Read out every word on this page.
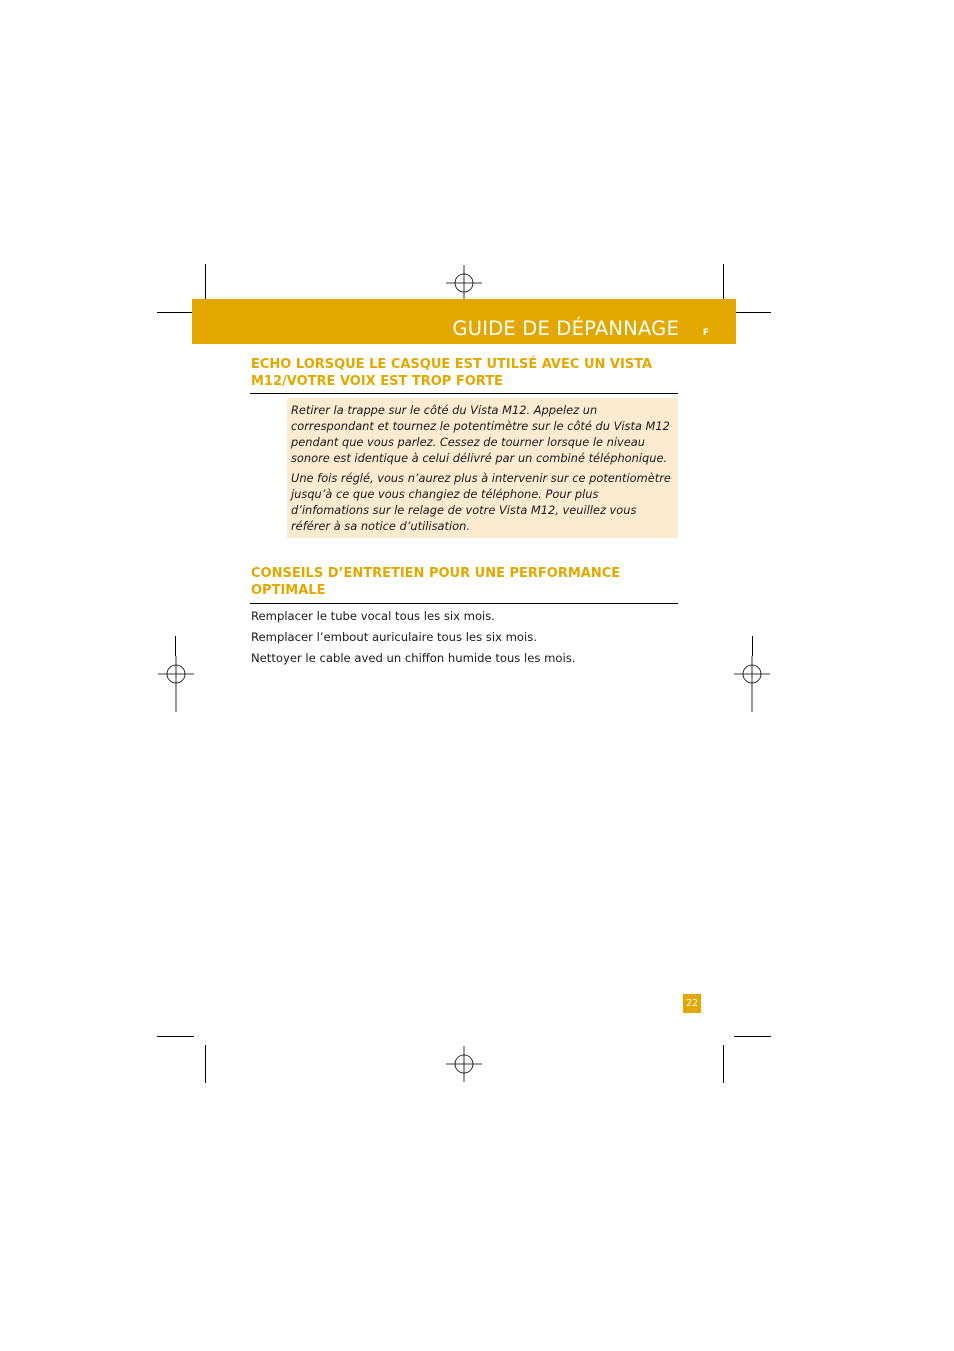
GUIDE DE DÉPANNAGE	F
ECHO LORSQUE LE CASQUE EST UTILSÉ AVEC UN VISTA
M12/VOTRE VOIX EST TROP FORTE
Retirer la trappe sur le côté du Vista M12. Appelez un
correspondant et tournez le potentimètre sur le côté du Vista M12
pendant que vous parlez. Cessez de tourner lorsque le niveau
sonore est identique à celui délivré par un combiné téléphonique.
Une fois réglé, vous n’aurez plus à intervenir sur ce potentiomètre
jusqu’à ce que vous changiez de téléphone. Pour plus
d’infomations sur le relage de votre Vista M12, veuillez vous
référer à sa notice d’utilisation.
CONSEILS D’ENTRETIEN POUR UNE PERFORMANCE
OPTIMALE
Remplacer le tube vocal tous les six mois.
Remplacer l’embout auriculaire tous les six mois.
Nettoyer le cable aved un chiffon humide tous les mois.
22
